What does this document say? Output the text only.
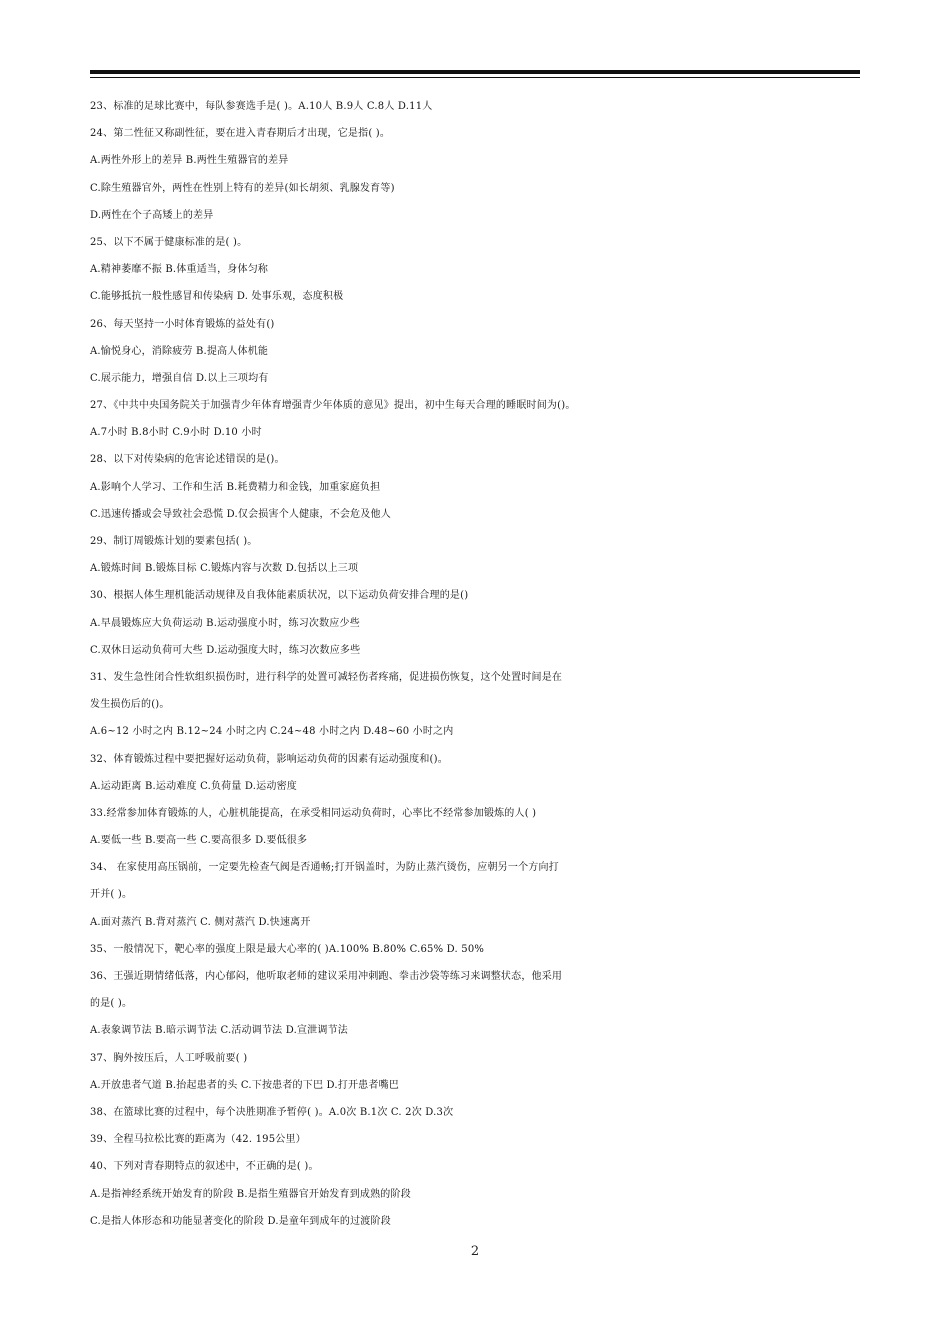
23、标准的足球比赛中，每队参赛选手是( )。A.10人 B.9人 C.8人 D.11人
24、第二性征又称副性征，要在进入青春期后才出现，它是指( )。
A.两性外形上的差异 B.两性生殖器官的差异
C.除生殖器官外，两性在性别上特有的差异(如长胡须、乳腺发育等)
D.两性在个子高矮上的差异
25、以下不属于健康标准的是( )。
A.精神萎靡不振 B.体重适当，身体匀称
C.能够抵抗一般性感冒和传染病 D. 处事乐观，态度积极
26、每天坚持一小时体育锻炼的益处有()
A.愉悦身心，消除疲劳 B.提高人体机能
C.展示能力，增强自信 D.以上三项均有
27、《中共中央国务院关于加强青少年体育增强青少年体质的意见》提出，初中生每天合理的睡眠时间为()。
A.7小时 B.8小时 C.9小时 D.10 小时
28、以下对传染病的危害论述错误的是()。
A.影响个人学习、工作和生活 B.耗费精力和金钱，加重家庭负担
C.迅速传播或会导致社会恐慌 D.仅会损害个人健康，不会危及他人
29、制订周锻炼计划的要素包括( )。
A.锻炼时间 B.锻炼目标 C.锻炼内容与次数 D.包括以上三项
30、根据人体生理机能活动规律及自我体能素质状况，以下运动负荷安排合理的是()
A.早晨锻炼应大负荷运动 B.运动强度小时，练习次数应少些
C.双休日运动负荷可大些 D.运动强度大时，练习次数应多些
31、发生急性闭合性软组织损伤时，进行科学的处置可减轻伤者疼痛，促进损伤恢复，这个处置时间是在
发生损伤后的()。
A.6~12 小时之内 B.12~24 小时之内 C.24~48 小时之内 D.48~60 小时之内
32、体育锻炼过程中要把握好运动负荷，影响运动负荷的因素有运动强度和()。
A.运动距离 B.运动难度 C.负荷量 D.运动密度
33.经常参加体育锻炼的人，心脏机能提高，在承受相同运动负荷时，心率比不经常参加锻炼的人( )
A.要低一些 B.要高一些 C.要高很多 D.要低很多
34、 在家使用高压锅前，一定要先检查气阀是否通畅;打开锅盖时，为防止蒸汽烫伤，应朝另一个方向打
开并( )。
A.面对蒸汽 B.背对蒸汽 C. 侧对蒸汽 D.快速离开
35、一般情况下，靶心率的强度上限是最大心率的( )A.100% B.80% C.65% D. 50%
36、王强近期情绪低落，内心郁闷，他听取老师的建议采用冲刺跑、拳击沙袋等练习来调整状态，他采用
的是( )。
A.表象调节法 B.暗示调节法 C.活动调节法 D.宣泄调节法
37、胸外按压后，人工呼吸前要( )
A.开放患者气道 B.抬起患者的头 C.下按患者的下巴 D.打开患者嘴巴
38、在篮球比赛的过程中，每个决胜期准予暂停( )。A.0次 B.1次 C. 2次 D.3次
39、全程马拉松比赛的距离为（42. 195公里）
40、下列对青春期特点的叙述中，不正确的是( )。
A.是指神经系统开始发育的阶段 B.是指生殖器官开始发育到成熟的阶段
C.是指人体形态和功能显著变化的阶段 D.是童年到成年的过渡阶段
2
